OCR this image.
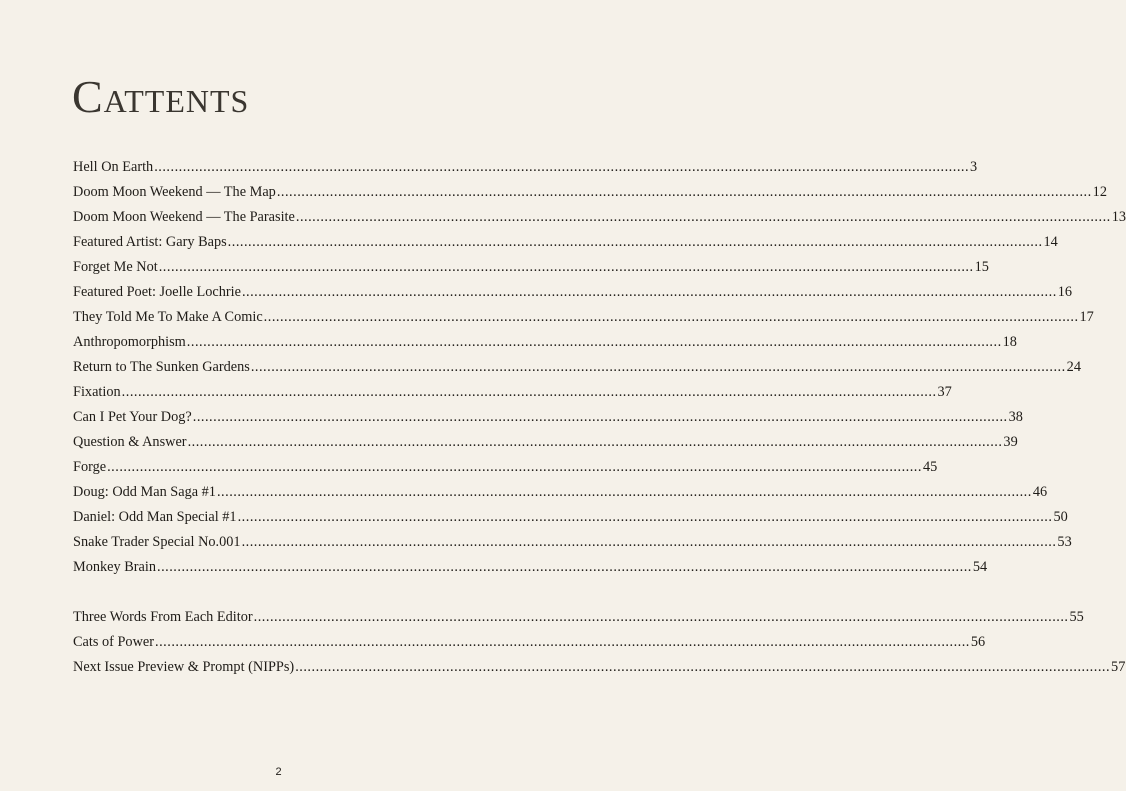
Cattents
Hell On Earth ........................................................................................................................................................................................................ 3
Doom Moon Weekend — The Map ........................................................................................................................................................................................................ 12
Doom Moon Weekend — The Parasite ........................................................................................................................................................................................................ 13
Featured Artist: Gary Baps ........................................................................................................................................................................................................ 14
Forget Me Not ........................................................................................................................................................................................................ 15
Featured Poet: Joelle Lochrie ........................................................................................................................................................................................................ 16
They Told Me To Make A Comic ........................................................................................................................................................................................................ 17
Anthropomorphism ........................................................................................................................................................................................................ 18
Return to The Sunken Gardens ........................................................................................................................................................................................................ 24
Fixation ........................................................................................................................................................................................................ 37
Can I Pet Your Dog? ........................................................................................................................................................................................................ 38
Question & Answer ........................................................................................................................................................................................................ 39
Forge ........................................................................................................................................................................................................ 45
Doug: Odd Man Saga #1 ........................................................................................................................................................................................................ 46
Daniel: Odd Man Special #1 ........................................................................................................................................................................................................ 50
Snake Trader Special No.001 ........................................................................................................................................................................................................ 53
Monkey Brain ........................................................................................................................................................................................................ 54
Three Words From Each Editor ........................................................................................................................................................................................................ 55
Cats of Power ........................................................................................................................................................................................................ 56
Next Issue Preview & Prompt (NIPPs) ........................................................................................................................................................................................................ 57
2
